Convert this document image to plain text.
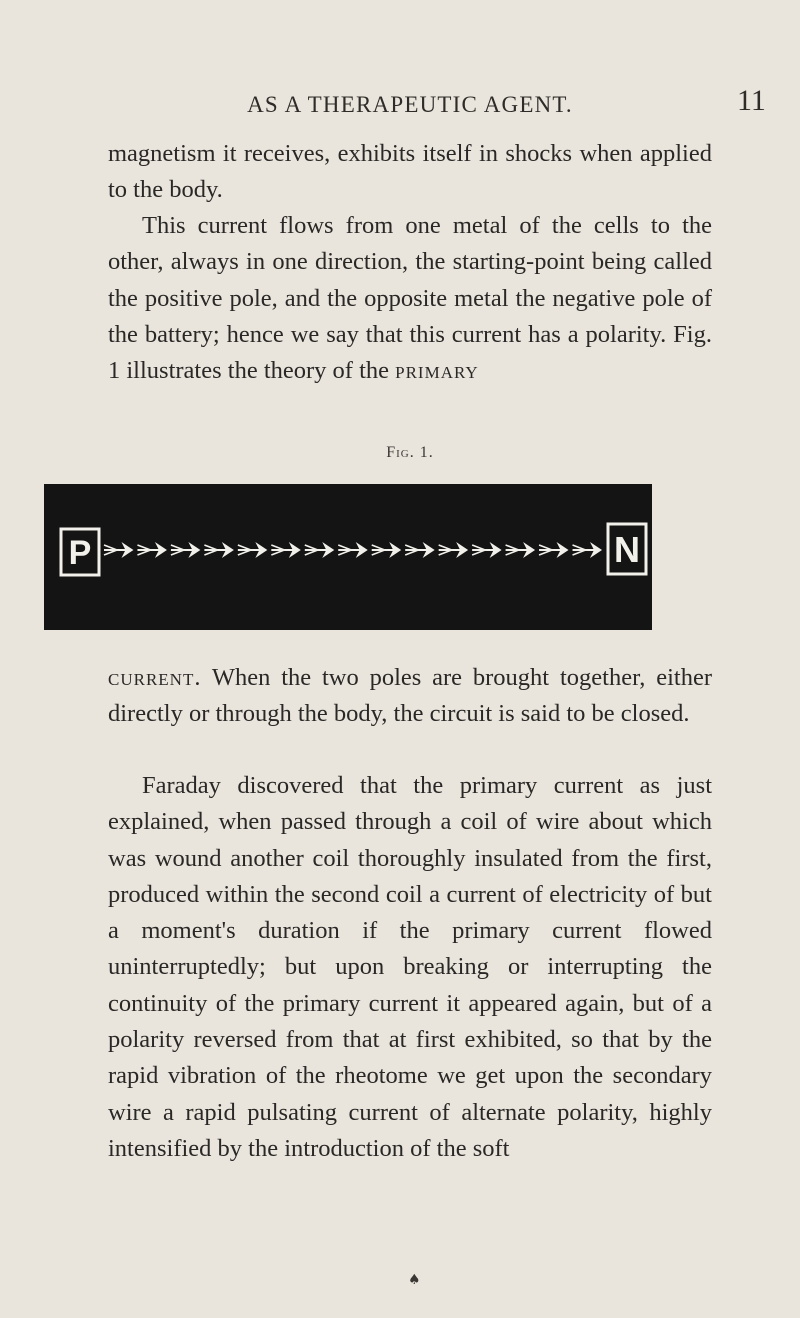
AS A THERAPEUTIC AGENT.	11

magnetism it receives, exhibits itself in shocks when applied to the body.

This current flows from one metal of the cells to the other, always in one direction, the starting-point being called the positive pole, and the opposite metal the negative pole of the battery; hence we say that this current has a polarity. Fig. 1 illustrates the theory of the primary

Fig. 1.
P	N

current. When the two poles are brought together, either directly or through the body, the circuit is said to be closed.

Faraday discovered that the primary current as just explained, when passed through a coil of wire about which was wound another coil thoroughly insulated from the first, produced within the second coil a current of electricity of but a moment's duration if the primary current flowed uninterruptedly; but upon breaking or interrupting the continuity of the primary current it appeared again, but of a polarity reversed from that at first exhibited, so that by the rapid vibration of the rheotome we get upon the secondary wire a rapid pulsating current of alternate polarity, highly intensified by the introduction of the soft

♠
